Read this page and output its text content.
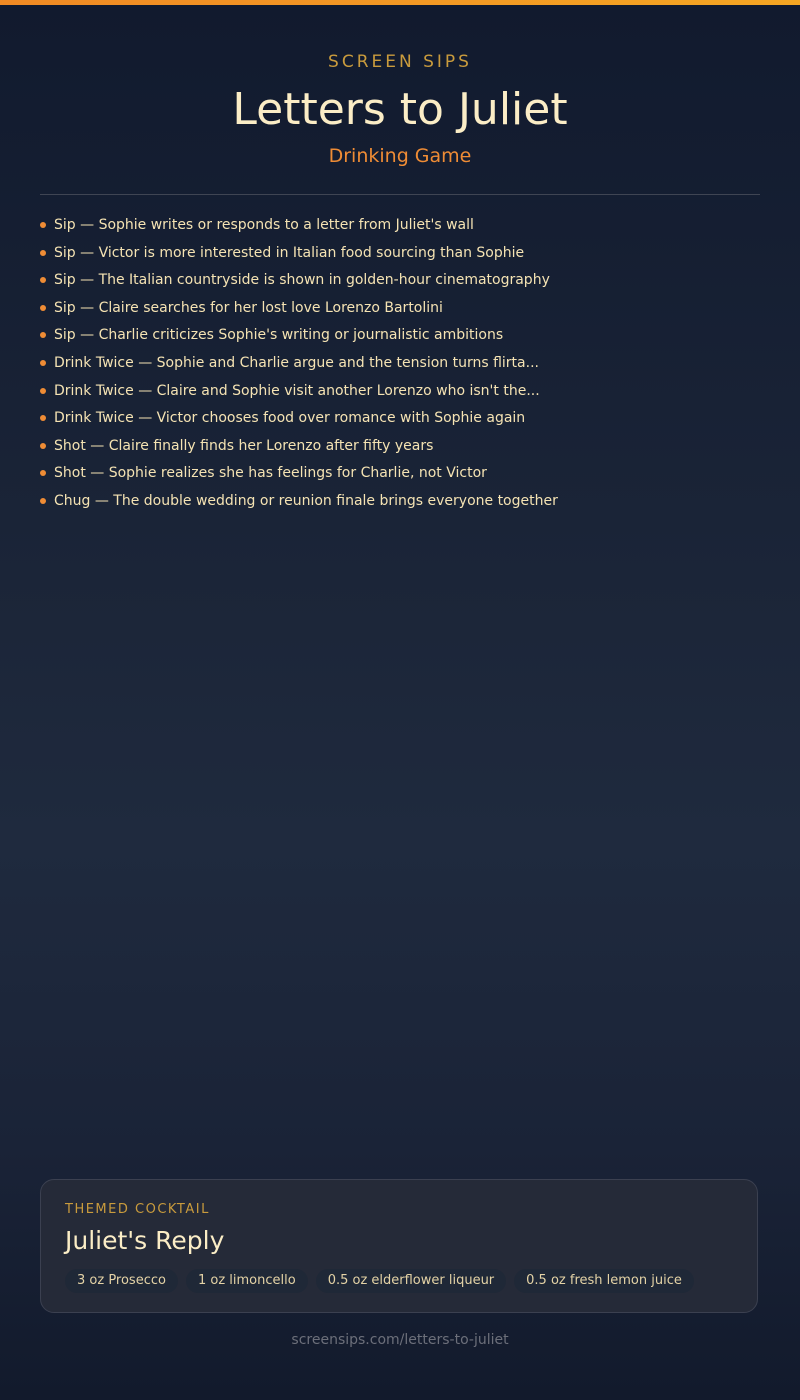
SCREEN SIPS
Letters to Juliet
Drinking Game
Sip — Sophie writes or responds to a letter from Juliet's wall
Sip — Victor is more interested in Italian food sourcing than Sophie
Sip — The Italian countryside is shown in golden-hour cinematography
Sip — Claire searches for her lost love Lorenzo Bartolini
Sip — Charlie criticizes Sophie's writing or journalistic ambitions
Drink Twice — Sophie and Charlie argue and the tension turns flirta...
Drink Twice — Claire and Sophie visit another Lorenzo who isn't the...
Drink Twice — Victor chooses food over romance with Sophie again
Shot — Claire finally finds her Lorenzo after fifty years
Shot — Sophie realizes she has feelings for Charlie, not Victor
Chug — The double wedding or reunion finale brings everyone together
THEMED COCKTAIL
Juliet's Reply
3 oz Prosecco	1 oz limoncello	0.5 oz elderflower liqueur	0.5 oz fresh lemon juice
screensips.com/letters-to-juliet
